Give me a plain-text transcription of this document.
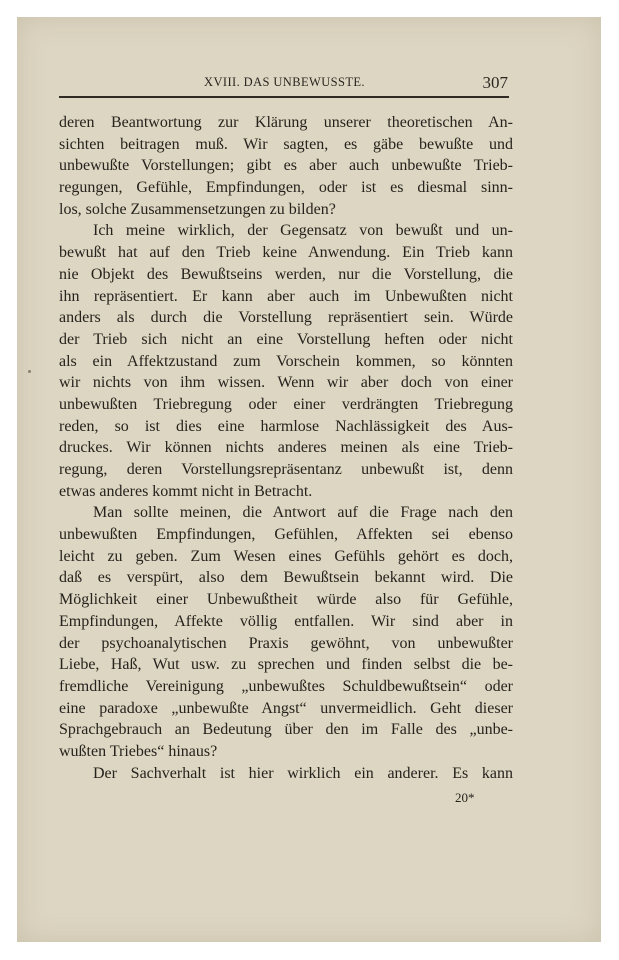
XVIII. DAS UNBEWUSSTE.	307
deren Beantwortung zur Klärung unserer theoretischen An-
sichten beitragen muß. Wir sagten, es gäbe bewußte und
unbewußte Vorstellungen; gibt es aber auch unbewußte Trieb-
regungen, Gefühle, Empfindungen, oder ist es diesmal sinn-
los, solche Zusammensetzungen zu bilden?
Ich meine wirklich, der Gegensatz von bewußt und un-
bewußt hat auf den Trieb keine Anwendung. Ein Trieb kann
nie Objekt des Bewußtseins werden, nur die Vorstellung, die
ihn repräsentiert. Er kann aber auch im Unbewußten nicht
anders als durch die Vorstellung repräsentiert sein. Würde
der Trieb sich nicht an eine Vorstellung heften oder nicht
als ein Affektzustand zum Vorschein kommen, so könnten
wir nichts von ihm wissen. Wenn wir aber doch von einer
unbewußten Triebregung oder einer verdrängten Triebregung
reden, so ist dies eine harmlose Nachlässigkeit des Aus-
druckes. Wir können nichts anderes meinen als eine Trieb-
regung, deren Vorstellungsrepräsentanz unbewußt ist, denn
etwas anderes kommt nicht in Betracht.
Man sollte meinen, die Antwort auf die Frage nach den
unbewußten Empfindungen, Gefühlen, Affekten sei ebenso
leicht zu geben. Zum Wesen eines Gefühls gehört es doch,
daß es verspürt, also dem Bewußtsein bekannt wird. Die
Möglichkeit einer Unbewußtheit würde also für Gefühle,
Empfindungen, Affekte völlig entfallen. Wir sind aber in
der psychoanalytischen Praxis gewöhnt, von unbewußter
Liebe, Haß, Wut usw. zu sprechen und finden selbst die be-
fremdliche Vereinigung „unbewußtes Schuldbewußtsein“ oder
eine paradoxe „unbewußte Angst“ unvermeidlich. Geht dieser
Sprachgebrauch an Bedeutung über den im Falle des „unbe-
wußten Triebes“ hinaus?
Der Sachverhalt ist hier wirklich ein anderer. Es kann
20*
